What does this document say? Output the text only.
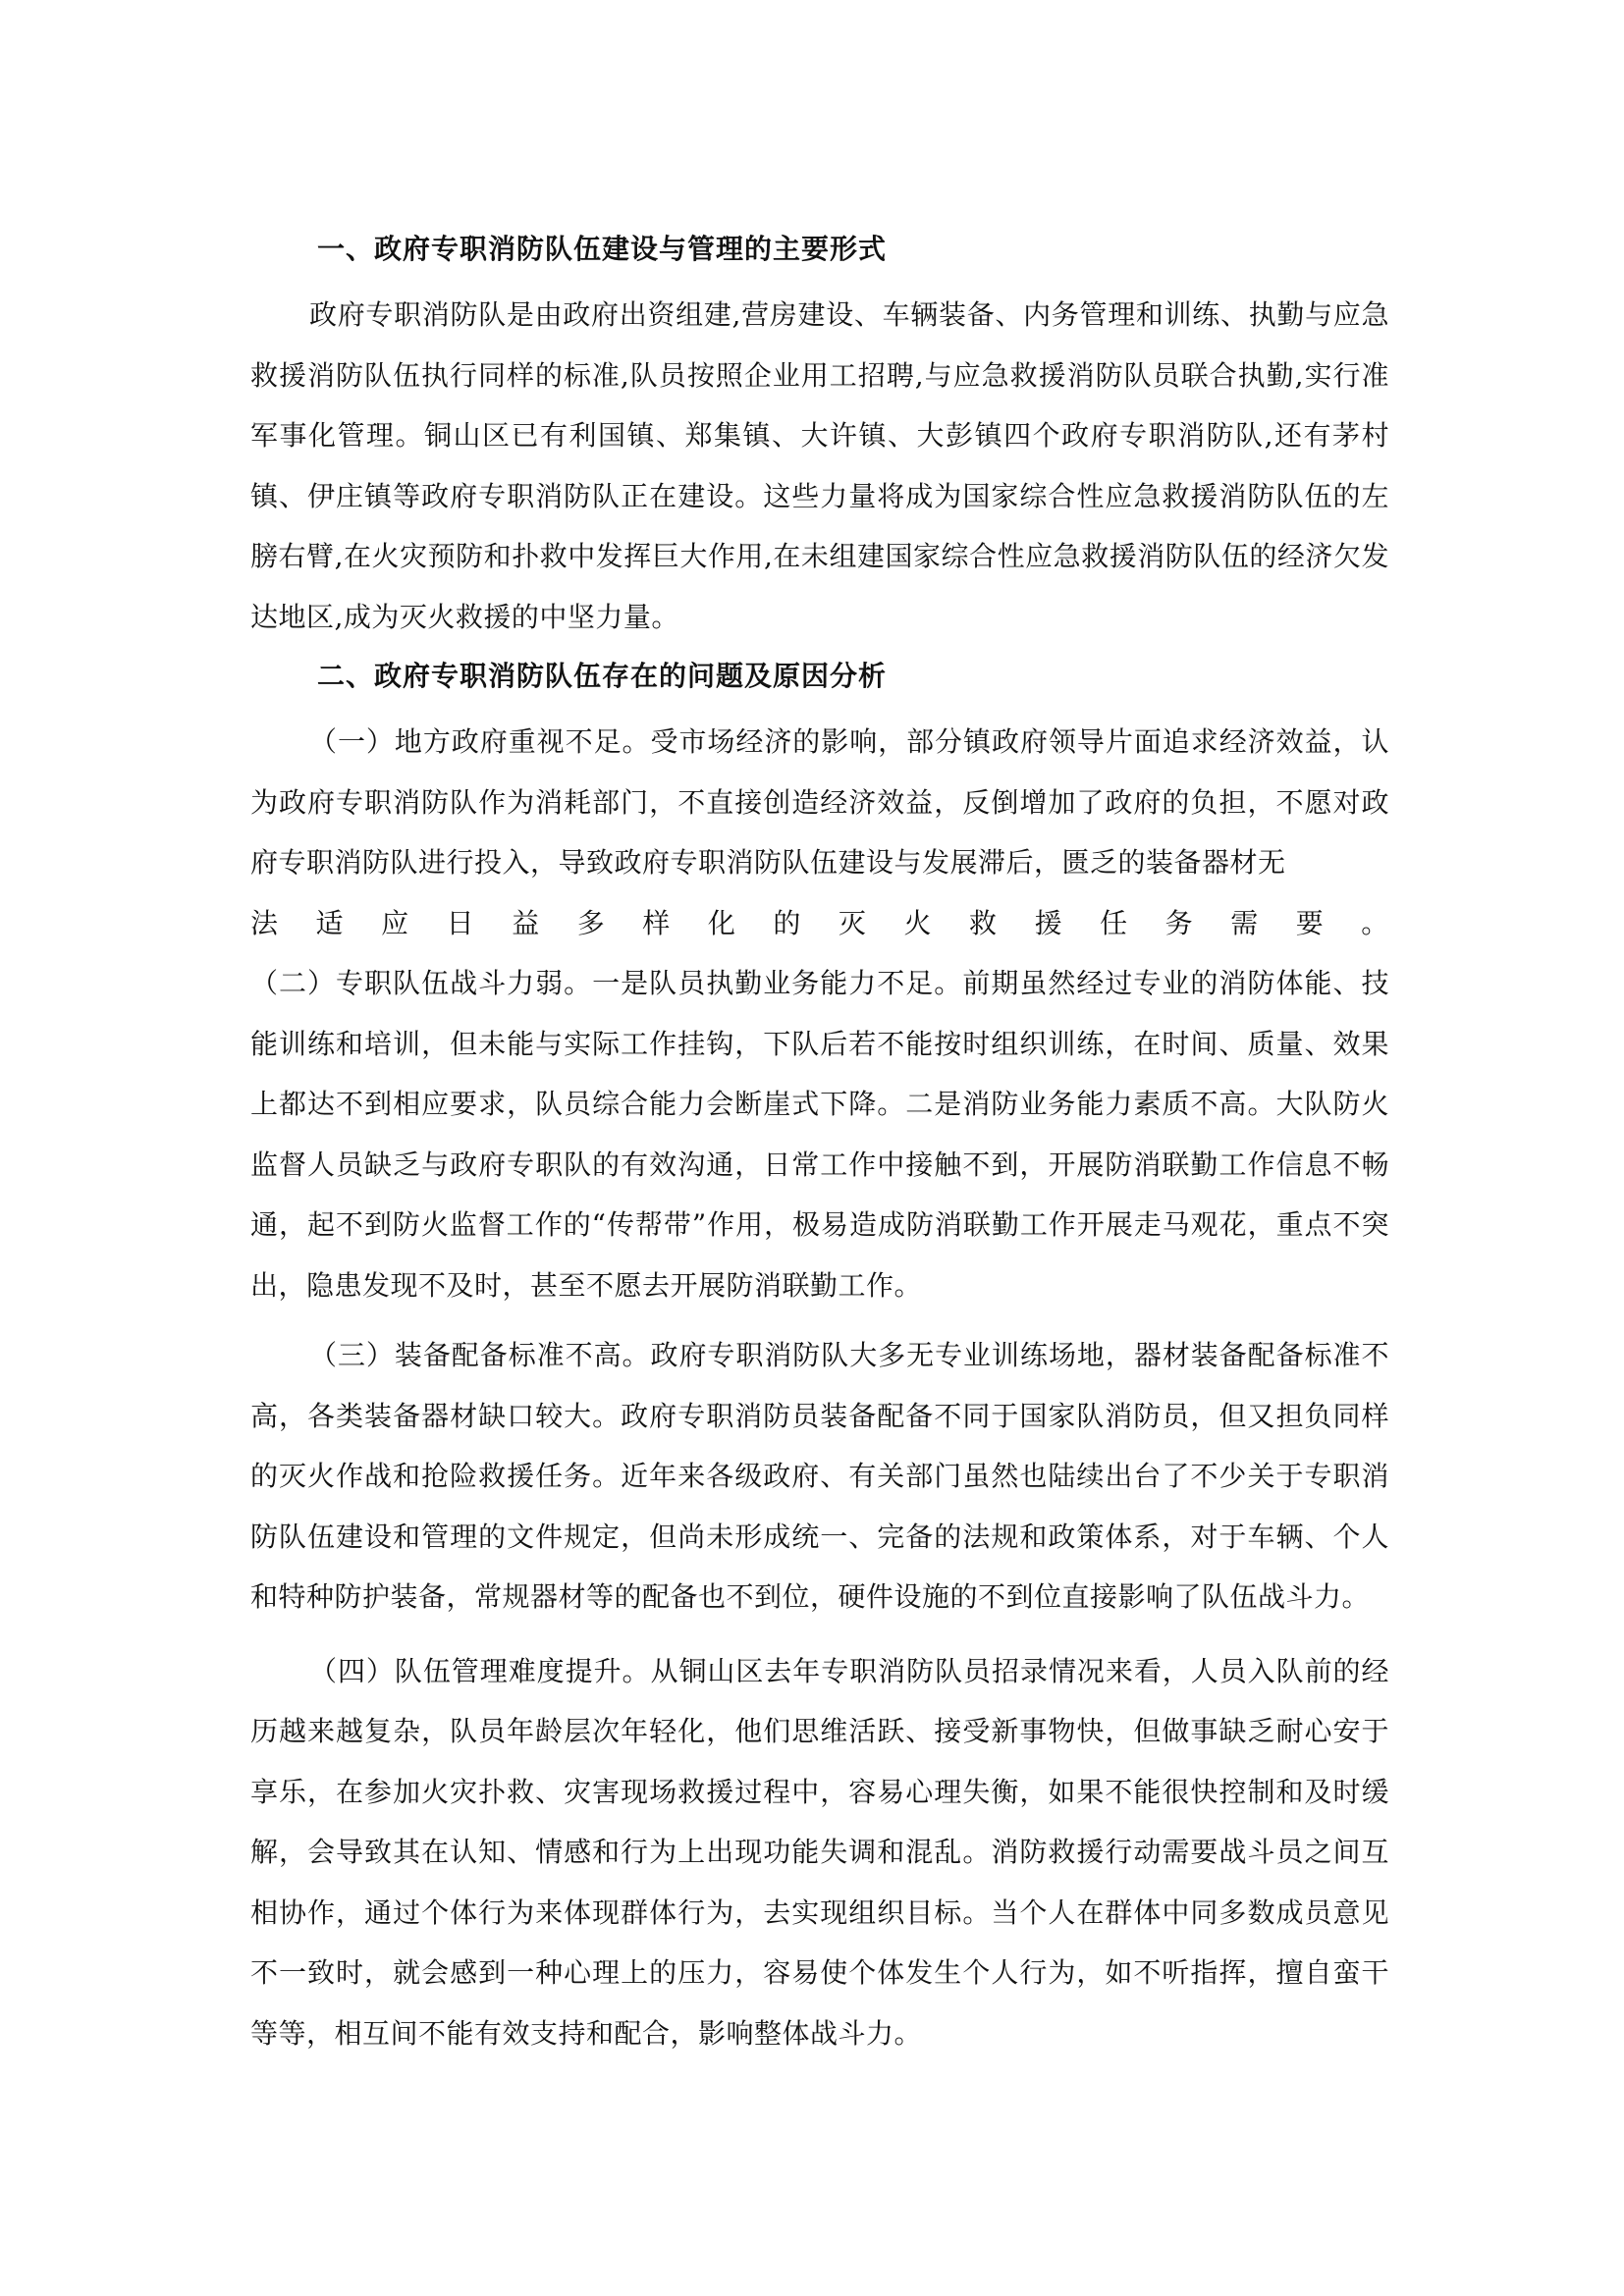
一、政府专职消防队伍建设与管理的主要形式

政府专职消防队是由政府出资组建,营房建设、车辆装备、内务管理和训练、执勤与应急救援消防队伍执行同样的标准,队员按照企业用工招聘,与应急救援消防队员联合执勤,实行准军事化管理。铜山区已有利国镇、郑集镇、大许镇、大彭镇四个政府专职消防队,还有茅村镇、伊庄镇等政府专职消防队正在建设。这些力量将成为国家综合性应急救援消防队伍的左膀右臂,在火灾预防和扑救中发挥巨大作用,在未组建国家综合性应急救援消防队伍的经济欠发达地区,成为灭火救援的中坚力量。

二、政府专职消防队伍存在的问题及原因分析

（一）地方政府重视不足。受市场经济的影响，部分镇政府领导片面追求经济效益，认为政府专职消防队作为消耗部门，不直接创造经济效益，反倒增加了政府的负担，不愿对政府专职消防队进行投入，导致政府专职消防队伍建设与发展滞后，匮乏的装备器材无

法 适 应 日 益 多 样 化 的 灭 火 救 援 任 务 需 要 。

（二）专职队伍战斗力弱。一是队员执勤业务能力不足。前期虽然经过专业的消防体能、技能训练和培训，但未能与实际工作挂钩，下队后若不能按时组织训练，在时间、质量、效果上都达不到相应要求，队员综合能力会断崖式下降。二是消防业务能力素质不高。大队防火监督人员缺乏与政府专职队的有效沟通，日常工作中接触不到，开展防消联勤工作信息不畅通，起不到防火监督工作的“传帮带”作用，极易造成防消联勤工作开展走马观花，重点不突出，隐患发现不及时，甚至不愿去开展防消联勤工作。

（三）装备配备标准不高。政府专职消防队大多无专业训练场地，器材装备配备标准不高，各类装备器材缺口较大。政府专职消防员装备配备不同于国家队消防员，但又担负同样的灭火作战和抢险救援任务。近年来各级政府、有关部门虽然也陆续出台了不少关于专职消防队伍建设和管理的文件规定，但尚未形成统一、完备的法规和政策体系，对于车辆、个人和特种防护装备，常规器材等的配备也不到位，硬件设施的不到位直接影响了队伍战斗力。

（四）队伍管理难度提升。从铜山区去年专职消防队员招录情况来看，人员入队前的经历越来越复杂，队员年龄层次年轻化，他们思维活跃、接受新事物快，但做事缺乏耐心安于享乐，在参加火灾扑救、灾害现场救援过程中，容易心理失衡，如果不能很快控制和及时缓解，会导致其在认知、情感和行为上出现功能失调和混乱。消防救援行动需要战斗员之间互相协作，通过个体行为来体现群体行为，去实现组织目标。当个人在群体中同多数成员意见不一致时，就会感到一种心理上的压力，容易使个体发生个人行为，如不听指挥，擅自蛮干等等，相互间不能有效支持和配合，影响整体战斗力。
